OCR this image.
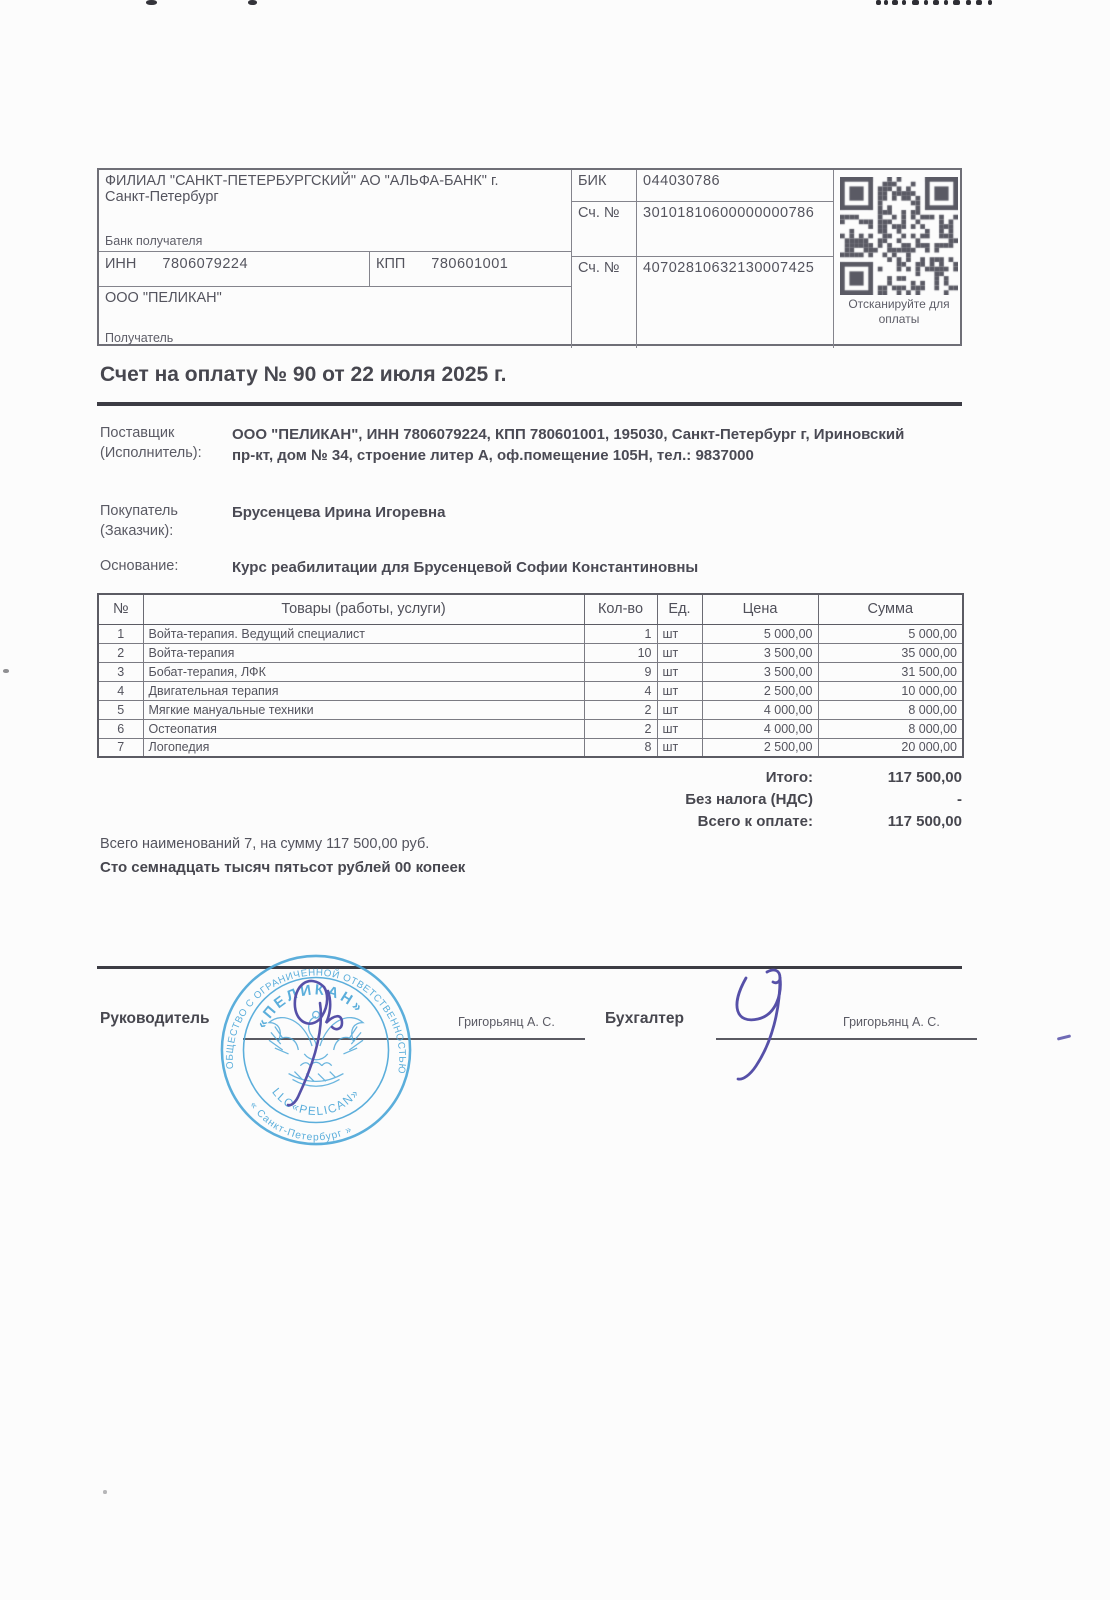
ФИЛИАЛ "САНКТ-ПЕТЕРБУРГСКИЙ" АО "АЛЬФА-БАНК" г.
Санкт-Петербург
Банк получателя
ИНН 7806079224	КПП 780601001
ООО "ПЕЛИКАН"
Получатель
БИК	044030786
Сч. №	30101810600000000786
Сч. №	40702810632130007425
Отсканируйте для
оплаты
Счет на оплату № 90 от 22 июля 2025 г.
Поставщик
(Исполнитель):
ООО "ПЕЛИКАН", ИНН 7806079224, КПП 780601001, 195030, Санкт-Петербург г, Ириновский пр-кт, дом № 34, строение литер А, оф.помещение 105Н, тел.: 9837000
Покупатель
(Заказчик):
Брусенцева Ирина Игоревна
Основание:	Курс реабилитации для Брусенцевой Софии Константиновны
№	Товары (работы, услуги)	Кол-во	Ед.	Цена	Сумма
1	Войта-терапия. Ведущий специалист	1	шт	5 000,00	5 000,00
2	Войта-терапия	10	шт	3 500,00	35 000,00
3	Бобат-терапия, ЛФК	9	шт	3 500,00	31 500,00
4	Двигательная терапия	4	шт	2 500,00	10 000,00
5	Мягкие мануальные техники	2	шт	4 000,00	8 000,00
6	Остеопатия	2	шт	4 000,00	8 000,00
7	Логопедия	8	шт	2 500,00	20 000,00
Итого:	117 500,00
Без налога (НДС)	-
Всего к оплате:	117 500,00
Всего наименований 7, на сумму 117 500,00 руб.
Сто семнадцать тысяч пятьсот рублей 00 копеек
Руководитель	Григорьянц А. С.	Бухгалтер	Григорьянц А. С.
ОБЩЕСТВО С ОГРАНИЧЕННОЙ ОТВЕТСТВЕННОСТЬЮ
« Санкт-Петербург »
«ПЕЛИКАН»
LLC«PELICAN»
